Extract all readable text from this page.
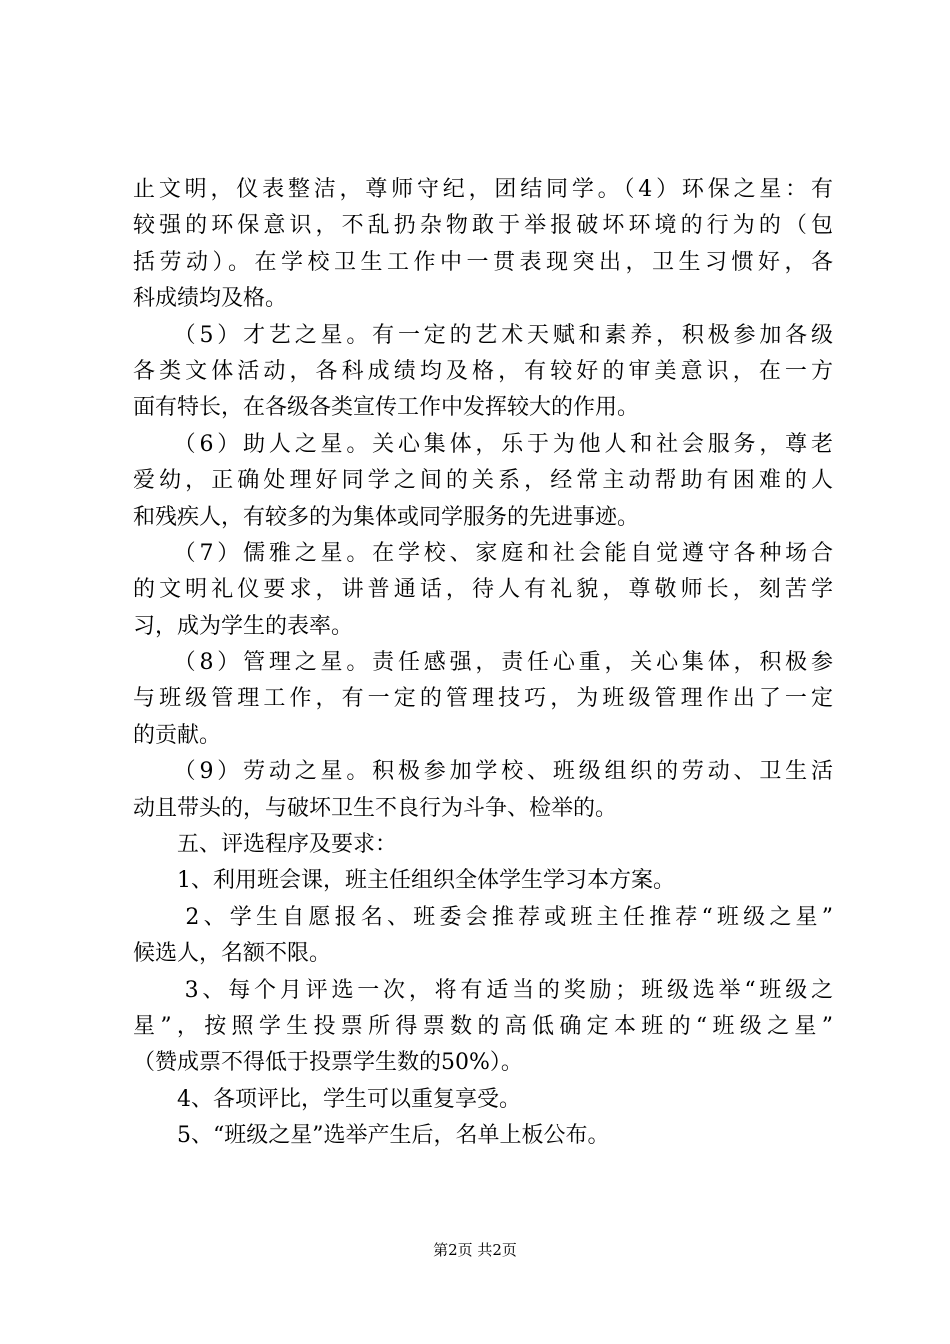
止文明，仪表整洁，尊师守纪，团结同学。（4）环保之星：有
较强的环保意识，不乱扔杂物敢于举报破坏环境的行为的（包
括劳动）。在学校卫生工作中一贯表现突出，卫生习惯好，各
科成绩均及格。
　　（5）才艺之星。有一定的艺术天赋和素养，积极参加各级
各类文体活动，各科成绩均及格，有较好的审美意识，在一方
面有特长，在各级各类宣传工作中发挥较大的作用。
　　（6）助人之星。关心集体，乐于为他人和社会服务，尊老
爱幼，正确处理好同学之间的关系，经常主动帮助有困难的人
和残疾人，有较多的为集体或同学服务的先进事迹。
　　（7）儒雅之星。在学校、家庭和社会能自觉遵守各种场合
的文明礼仪要求，讲普通话，待人有礼貌，尊敬师长，刻苦学
习，成为学生的表率。
　　（8）管理之星。责任感强，责任心重，关心集体，积极参
与班级管理工作，有一定的管理技巧，为班级管理作出了一定
的贡献。
　　（9）劳动之星。积极参加学校、班级组织的劳动、卫生活
动且带头的，与破坏卫生不良行为斗争、检举的。
　　五、评选程序及要求：
　　1、利用班会课，班主任组织全体学生学习本方案。
　　2、学生自愿报名、班委会推荐或班主任推荐“班级之星”
候选人，名额不限。
　　3、每个月评选一次，将有适当的奖励；班级选举“班级之
星”，按照学生投票所得票数的高低确定本班的“班级之星”
（赞成票不得低于投票学生数的50%）。
　　4、各项评比，学生可以重复享受。
　　5、“班级之星”选举产生后，名单上板公布。
第2页 共2页
